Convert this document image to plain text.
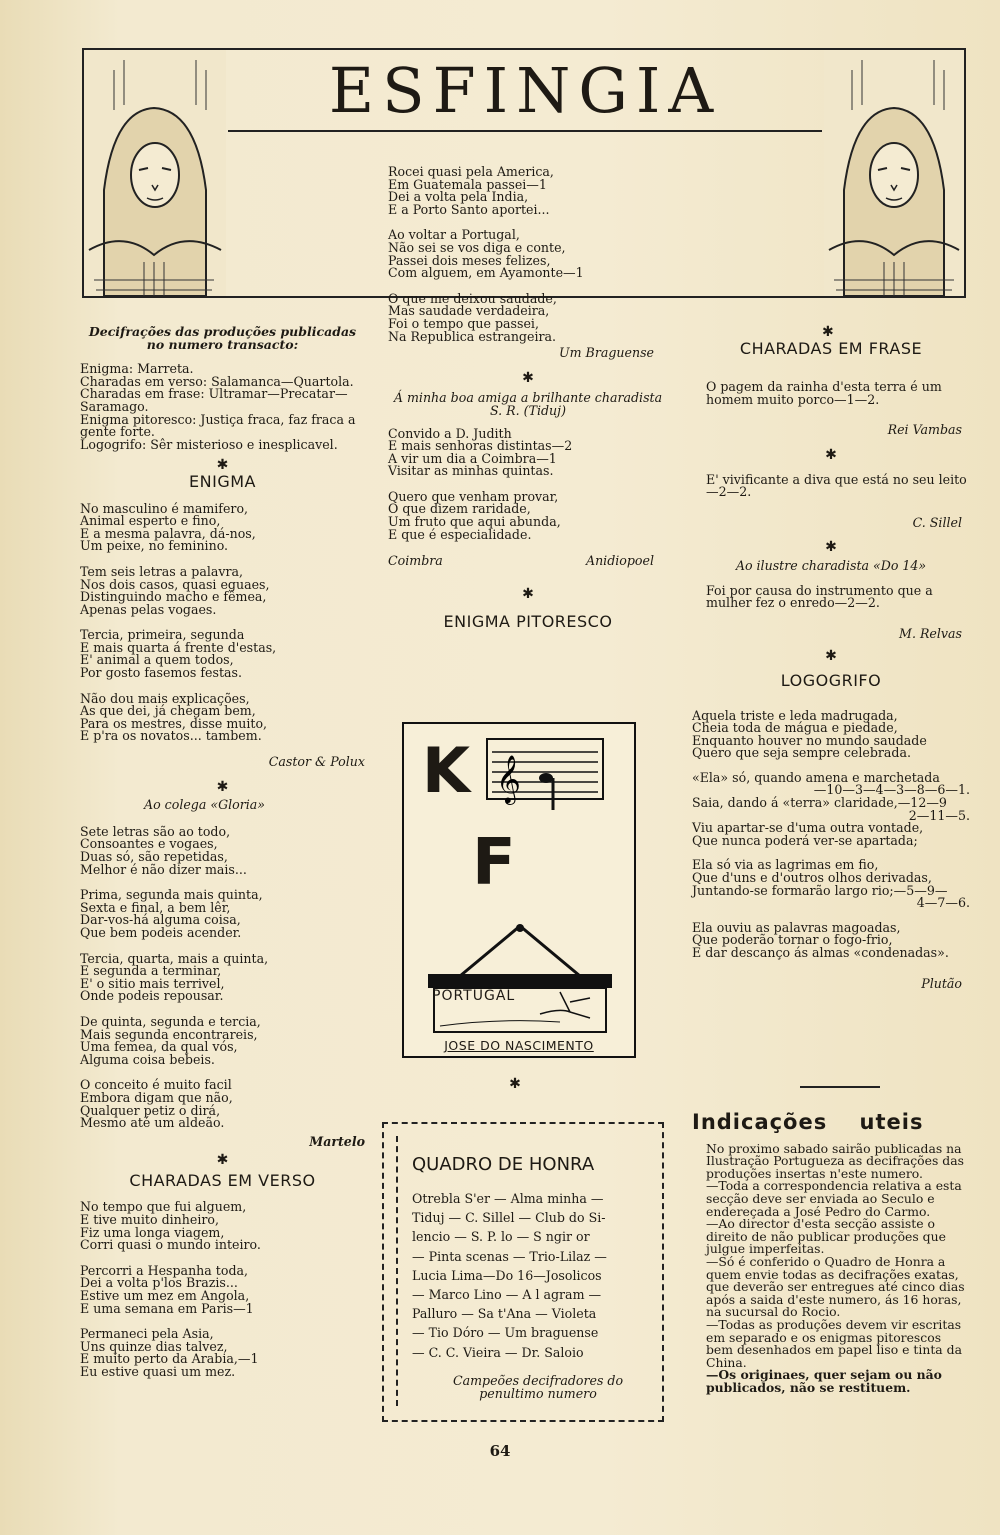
ESFINGIA

Decifrações das produções publicadas no numero transacto:

Enigma: Marreta.

Charadas em verso: Salamanca—Quartola.

Charadas em frase: Ultramar—Precatar—Saramago.

Enigma pitoresco: Justiça fraca, faz fraca a gente forte.

Logogrifo: Sêr misterioso e inesplicavel.

✱

ENIGMA

No masculino é mamifero,

Animal esperto e fino,

E a mesma palavra, dá-nos,

Um peixe, no feminino.

Tem seis letras a palavra,

Nos dois casos, quasi eguaes,

Distinguindo macho e fêmea,

Apenas pelas vogaes.

Tercia, primeira, segunda

E mais quarta á frente d'estas,

E' animal a quem todos,

Por gosto fasemos festas.

Não dou mais explicações,

As que dei, já chegam bem,

Para os mestres, disse muito,

E p'ra os novatos... tambem.

Castor & Polux

✱

Ao colega «Gloria»

Sete letras são ao todo,

Consoantes e vogaes,

Duas só, são repetidas,

Melhor é não dizer mais...

Prima, segunda mais quinta,

Sexta e final, a bem lêr,

Dar-vos-há alguma coisa,

Que bem podeis acender.

Tercia, quarta, mais a quinta,

E segunda a terminar,

E' o sitio mais terrivel,

Onde podeis repousar.

De quinta, segunda e tercia,

Mais segunda encontrareis,

Uma femea, da qual vós,

Alguma coisa bebeis.

O conceito é muito facil

Embora digam que não,

Qualquer petiz o dirá,

Mesmo até um aldeão.

Martelo

✱

CHARADAS EM VERSO

No tempo que fui alguem,

E tive muito dinheiro,

Fiz uma longa viagem,

Corri quasi o mundo inteiro.

Percorri a Hespanha toda,

Dei a volta p'los Brazis...

Estive um mez em Angola,

E uma semana em Paris—1

Permaneci pela Asia,

Uns quinze dias talvez,

E muito perto da Arabia,—1

Eu estive quasi um mez.

Rocei quasi pela America,

Em Guatemala passei—1

Dei a volta pela India,

E a Porto Santo aportei...

Ao voltar a Portugal,

Não sei se vos diga e conte,

Passei dois meses felizes,

Com alguem, em Ayamonte—1

O que me deixou saudade,

Mas saudade verdadeira,

Foi o tempo que passei,

Na Republica estrangeira.

Um Braguense

✱

Á minha boa amiga a brilhante charadista S. R. (Tiduj)

Convido a D. Judith

E mais senhoras distintas—2

A vir um dia a Coimbra—1

Visitar as minhas quintas.

Quero que venham provar,

O que dizem raridade,

Um fruto que aqui abunda,

E que é especialidade.

Coimbra	Anidiopoel

✱

ENIGMA PITORESCO

K 𝄞
F
PORTUGAL
JOSE DO NASCIMENTO

✱

QUADRO DE HONRA

Otrebla S'er — Alma minha —

Tiduj — C. Sillel — Club do Si-

lencio — S. P. lo — S ngir or

— Pinta scenas — Trio-Lilaz —

Lucia Lima—Do 16—Josolicos

— Marco Lino — A l agram —

Palluro — Sa t'Ana — Violeta

— Tio Dóro — Um braguense

— C. C. Vieira — Dr. Saloio

Campeões decifradores do penultimo numero

✱

CHARADAS EM FRASE

O pagem da rainha d'esta terra é um homem muito porco—1—2.

Rei Vambas

✱

E' vivificante a diva que está no seu leito—2—2.

C. Sillel

✱

Ao ilustre charadista «Do 14»

Foi por causa do instrumento que a mulher fez o enredo—2—2.

M. Relvas

✱

LOGOGRIFO

Aquela triste e leda madrugada,

Cheia toda de mágua e piedade,

Enquanto houver no mundo saudade

Quero que seja sempre celebrada.

«Ela» só, quando amena e marchetada

—10—3—4—3—8—6—1.

Saia, dando á «terra» claridade,—12—9

2—11—5.

Viu apartar-se d'uma outra vontade,

Que nunca poderá ver-se apartada;

Ela só via as lagrimas em fio,

Que d'uns e d'outros olhos derivadas,

Juntando-se formarão largo rio;—5—9—

4—7—6.

Ela ouviu as palavras magoadas,

Que poderão tornar o fogo-frio,

E dar descanço ás almas «condenadas».

Plutão

Indicações uteis

No proximo sabado sairão publicadas na Ilustração Portugueza as decifrações das produções insertas n'este numero.

—Toda a correspondencia relativa a esta secção deve ser enviada ao Seculo e endereçada a José Pedro do Carmo.

—Ao director d'esta secção assiste o direito de não publicar produções que julgue imperfeitas.

—Só é conferido o Quadro de Honra a quem envie todas as decifrações exatas, que deverão ser entregues até cinco dias após a saida d'este numero, ás 16 horas, na sucursal do Rocio.

—Todas as produções devem vir escritas em separado e os enigmas pitorescos bem desenhados em papel liso e tinta da China.

—Os originaes, quer sejam ou não publicados, não se restituem.

64
